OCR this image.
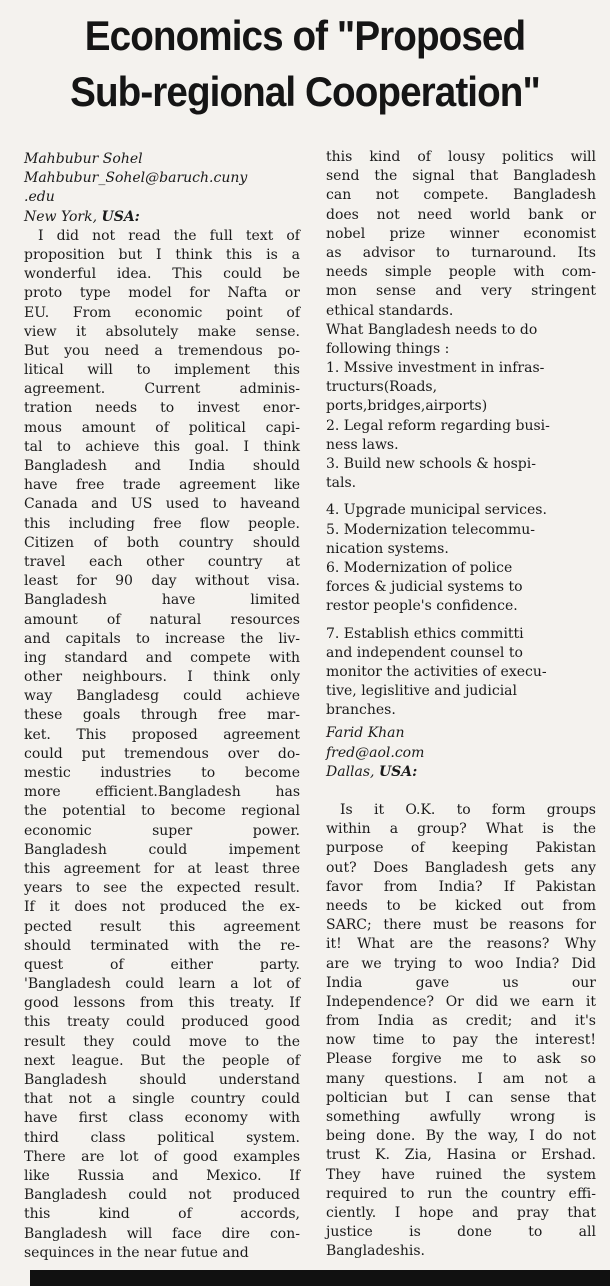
Economics of "Proposed
Sub-regional Cooperation"
Mahbubur Sohel
Mahbubur_Sohel@baruch.cuny
.edu
New York, USA:
I did not read the full text of
proposition but I think this is a
wonderful idea. This could be
proto type model for Nafta or
EU. From economic point of
view it absolutely make sense.
But you need a tremendous po-
litical will to implement this
agreement. Current adminis-
tration needs to invest enor-
mous amount of political capi-
tal to achieve this goal. I think
Bangladesh and India should
have free trade agreement like
Canada and US used to haveand
this including free flow people.
Citizen of both country should
travel each other country at
least for 90 day without visa.
Bangladesh have limited
amount of natural resources
and capitals to increase the liv-
ing standard and compete with
other neighbours. I think only
way Bangladesg could achieve
these goals through free mar-
ket. This proposed agreement
could put tremendous over do-
mestic industries to become
more efficient.Bangladesh has
the potential to become regional
economic super power.
Bangladesh could impement
this agreement for at least three
years to see the expected result.
If it does not produced the ex-
pected result this agreement
should terminated with the re-
quest of either party.
'Bangladesh could learn a lot of
good lessons from this treaty. If
this treaty could produced good
result they could move to the
next league. But the people of
Bangladesh should understand
that not a single country could
have first class economy with
third class political system.
There are lot of good examples
like Russia and Mexico. If
Bangladesh could not produced
this kind of accords,
Bangladesh will face dire con-
sequinces in the near futue and
this kind of lousy politics will
send the signal that Bangladesh
can not compete. Bangladesh
does not need world bank or
nobel prize winner economist
as advisor to turnaround. Its
needs simple people with com-
mon sense and very stringent
ethical standards.
What Bangladesh needs to do
following things :
1. Mssive investment in infras-
tructurs(Roads,
ports,bridges,airports)
2. Legal reform regarding busi-
ness laws.
3. Build new schools & hospi-
tals.
4. Upgrade municipal services.
5. Modernization telecommu-
nication systems.
6. Modernization of police
forces & judicial systems to
restor people's confidence.
7. Establish ethics committi
and independent counsel to
monitor the activities of execu-
tive, legislitive and judicial
branches.
Farid Khan
fred@aol.com
Dallas, USA:
Is it O.K. to form groups
within a group? What is the
purpose of keeping Pakistan
out? Does Bangladesh gets any
favor from India? If Pakistan
needs to be kicked out from
SARC; there must be reasons for
it! What are the reasons? Why
are we trying to woo India? Did
India gave us our
Independence? Or did we earn it
from India as credit; and it's
now time to pay the interest!
Please forgive me to ask so
many questions. I am not a
poltician but I can sense that
something awfully wrong is
being done. By the way, I do not
trust K. Zia, Hasina or Ershad.
They have ruined the system
required to run the country effi-
ciently. I hope and pray that
justice is done to all
Bangladeshis.
